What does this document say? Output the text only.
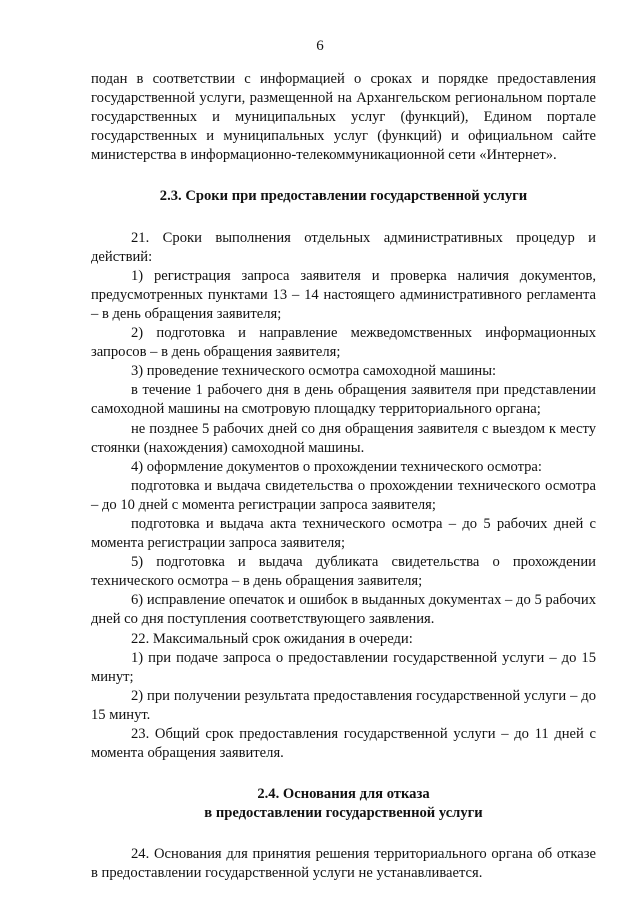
6

подан в соответствии с информацией о сроках и порядке предоставления государственной услуги, размещенной на Архангельском региональном портале государственных и муниципальных услуг (функций), Едином портале государственных и муниципальных услуг (функций) и официальном сайте министерства в информационно-телекоммуникационной сети «Интернет».

2.3. Сроки при предоставлении государственной услуги

21. Сроки выполнения отдельных административных процедур и действий:

1) регистрация запроса заявителя и проверка наличия документов, предусмотренных пунктами 13 – 14 настоящего административного регламента – в день обращения заявителя;

2) подготовка и направление межведомственных информационных запросов – в день обращения заявителя;

3) проведение технического осмотра самоходной машины:

в течение 1 рабочего дня в день обращения заявителя при представлении самоходной машины на смотровую площадку территориального органа;

не позднее 5 рабочих дней со дня обращения заявителя с выездом к месту стоянки (нахождения) самоходной машины.

4) оформление документов о прохождении технического осмотра:

подготовка и выдача свидетельства о прохождении технического осмотра – до 10 дней с момента регистрации запроса заявителя;

подготовка и выдача акта технического осмотра – до 5 рабочих дней с момента регистрации запроса заявителя;

5) подготовка и выдача дубликата свидетельства о прохождении технического осмотра – в день обращения заявителя;

6) исправление опечаток и ошибок в выданных документах – до 5 рабочих дней со дня поступления соответствующего заявления.

22. Максимальный срок ожидания в очереди:

1) при подаче запроса о предоставлении государственной услуги – до 15 минут;

2) при получении результата предоставления государственной услуги – до 15 минут.

23. Общий срок предоставления государственной услуги – до 11 дней с момента обращения заявителя.

2.4. Основания для отказа

в предоставлении государственной услуги

24. Основания для принятия решения территориального органа об отказе в предоставлении государственной услуги не устанавливается.
